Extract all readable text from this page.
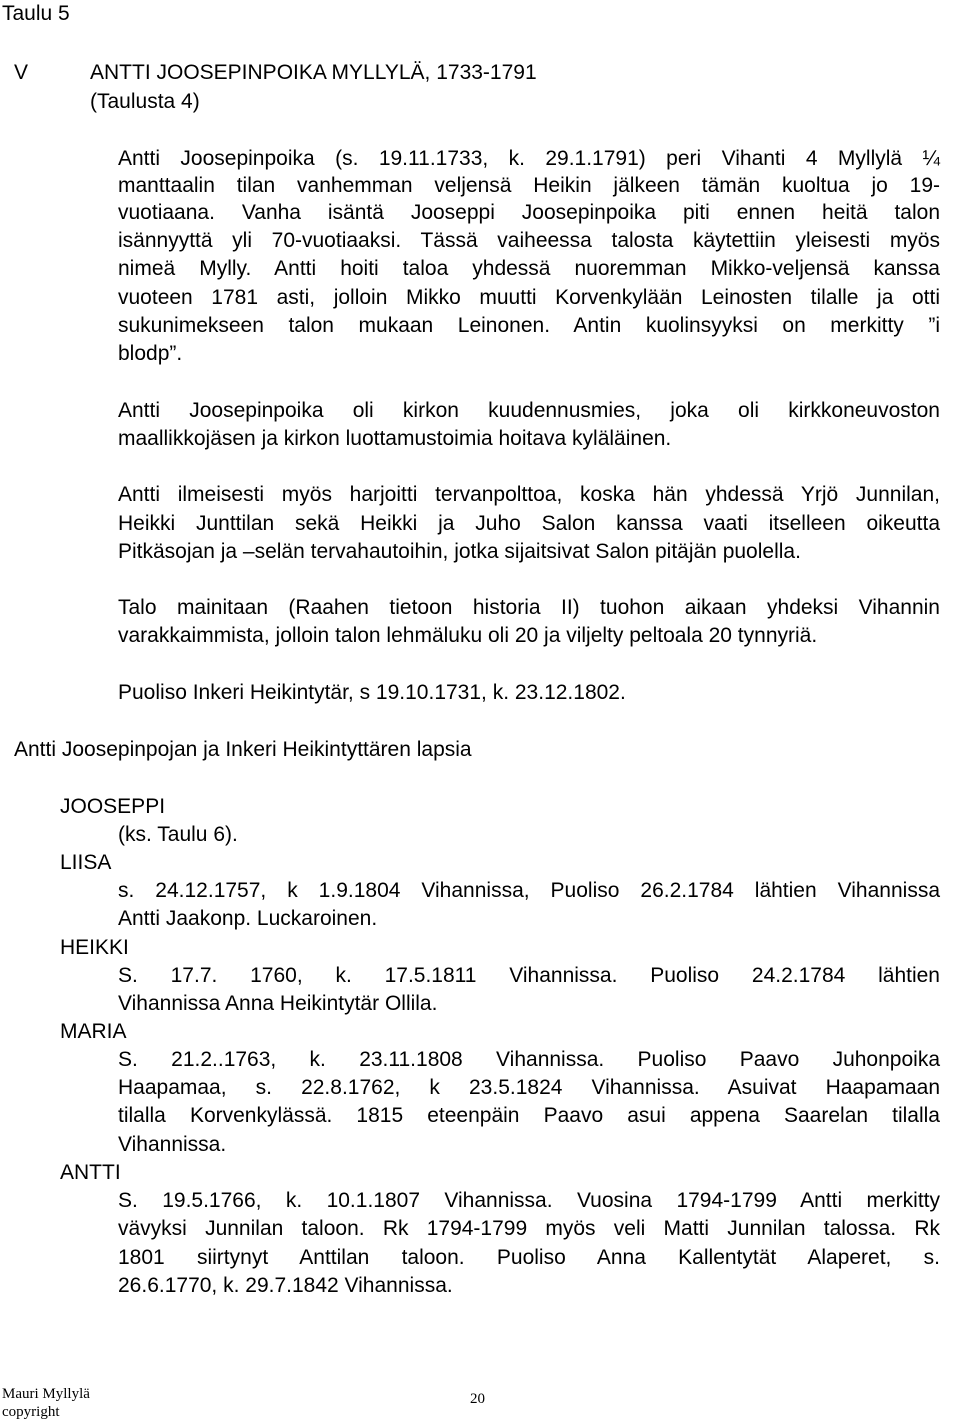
Taulu 5
V	ANTTI JOOSEPINPOIKA MYLLYLÄ, 1733-1791
(Taulusta 4)
Antti Joosepinpoika (s. 19.11.1733, k. 29.1.1791) peri Vihanti 4 Myllylä ¼
manttaalin tilan vanhemman veljensä Heikin jälkeen tämän kuoltua jo 19-
vuotiaana. Vanha isäntä Jooseppi Joosepinpoika piti ennen heitä talon
isännyyttä yli 70-vuotiaaksi. Tässä vaiheessa talosta käytettiin yleisesti myös
nimeä Mylly. Antti hoiti taloa yhdessä nuoremman Mikko-veljensä kanssa
vuoteen 1781 asti, jolloin Mikko muutti Korvenkylään Leinosten tilalle ja otti
sukunimekseen talon mukaan Leinonen. Antin kuolinsyyksi on merkitty ”i
blodp”.
Antti Joosepinpoika oli kirkon kuudennusmies, joka oli kirkkoneuvoston
maallikkojäsen ja kirkon luottamustoimia hoitava kyläläinen.
Antti ilmeisesti myös harjoitti tervanpolttoa, koska hän yhdessä Yrjö Junnilan,
Heikki Junttilan sekä Heikki ja Juho Salon kanssa vaati itselleen oikeutta
Pitkäsojan ja –selän tervahautoihin, jotka sijaitsivat Salon pitäjän puolella.
Talo mainitaan (Raahen tietoon historia II) tuohon aikaan yhdeksi Vihannin
varakkaimmista, jolloin talon lehmäluku oli 20 ja viljelty peltoala 20 tynnyriä.
Puoliso Inkeri Heikintytär, s 19.10.1731, k. 23.12.1802.
Antti Joosepinpojan ja Inkeri Heikintyttären lapsia
JOOSEPPI
(ks. Taulu 6).
LIISA
s. 24.12.1757, k 1.9.1804 Vihannissa, Puoliso 26.2.1784 lähtien Vihannissa
Antti Jaakonp. Luckaroinen.
HEIKKI
S. 17.7. 1760, k. 17.5.1811 Vihannissa. Puoliso 24.2.1784 lähtien
Vihannissa Anna Heikintytär Ollila.
MARIA
S. 21.2..1763, k. 23.11.1808 Vihannissa. Puoliso Paavo Juhonpoika
Haapamaa, s. 22.8.1762, k 23.5.1824 Vihannissa. Asuivat Haapamaan
tilalla Korvenkylässä. 1815 eteenpäin Paavo asui appena Saarelan tilalla
Vihannissa.
ANTTI
S. 19.5.1766, k. 10.1.1807 Vihannissa. Vuosina 1794-1799 Antti merkitty
vävyksi Junnilan taloon. Rk 1794-1799 myös veli Matti Junnilan talossa. Rk
1801 siirtynyt Anttilan taloon. Puoliso Anna Kallentytät Alaperet, s.
26.6.1770, k. 29.7.1842 Vihannissa.
Mauri Myllylä
copyright
20
